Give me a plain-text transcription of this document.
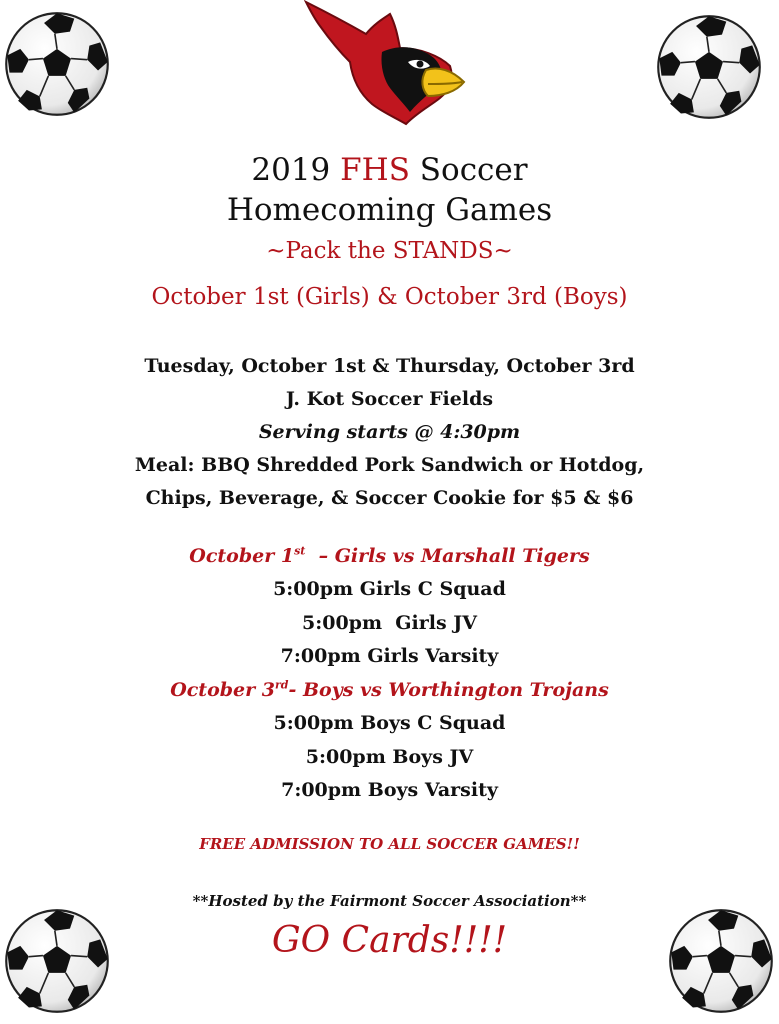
2019 FHS Soccer
Homecoming Games
~Pack the STANDS~
October 1st (Girls) & October 3rd (Boys)
Tuesday, October 1st & Thursday, October 3rd
J. Kot Soccer Fields
Serving starts @ 4:30pm
Meal: BBQ Shredded Pork Sandwich or Hotdog,
Chips, Beverage, & Soccer Cookie for $5 & $6
October 1st  – Girls vs Marshall Tigers
5:00pm Girls C Squad
5:00pm  Girls JV
7:00pm Girls Varsity
October 3rd- Boys vs Worthington Trojans
5:00pm Boys C Squad
5:00pm Boys JV
7:00pm Boys Varsity
FREE ADMISSION TO ALL SOCCER GAMES!!
**Hosted by the Fairmont Soccer Association**
GO Cards!!!!
